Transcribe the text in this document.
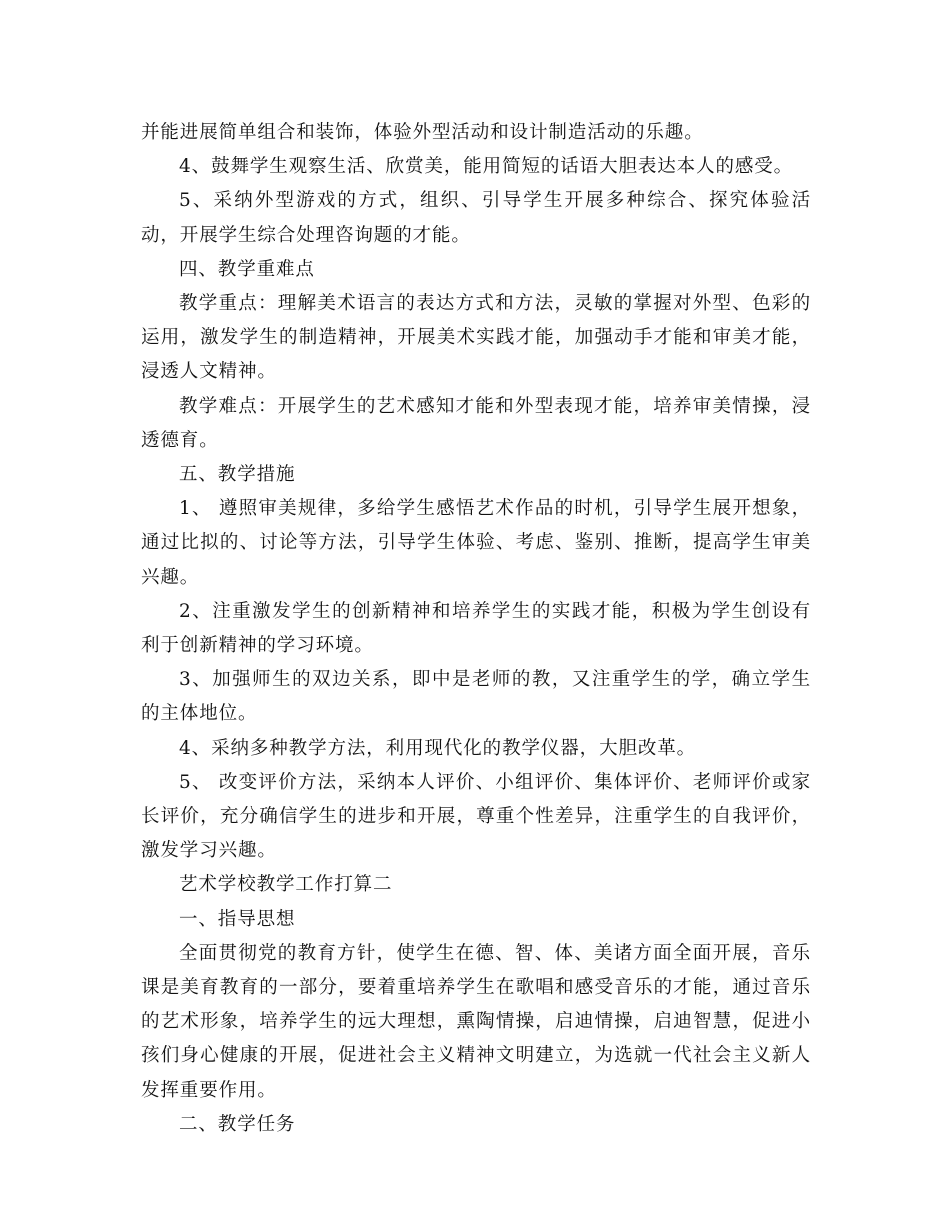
并能进展简单组合和装饰，体验外型活动和设计制造活动的乐趣。

4、鼓舞学生观察生活、欣赏美，能用简短的话语大胆表达本人的感受。

5、采纳外型游戏的方式，组织、引导学生开展多种综合、探究体验活动，开展学生综合处理咨询题的才能。

四、教学重难点

教学重点：理解美术语言的表达方式和方法，灵敏的掌握对外型、色彩的运用，激发学生的制造精神，开展美术实践才能，加强动手才能和审美才能，浸透人文精神。

教学难点：开展学生的艺术感知才能和外型表现才能，培养审美情操，浸透德育。

五、教学措施

1、 遵照审美规律，多给学生感悟艺术作品的时机，引导学生展开想象，通过比拟的、讨论等方法，引导学生体验、考虑、鉴别、推断，提高学生审美兴趣。

2、注重激发学生的创新精神和培养学生的实践才能，积极为学生创设有利于创新精神的学习环境。

3、加强师生的双边关系，即中是老师的教，又注重学生的学，确立学生的主体地位。

4、采纳多种教学方法，利用现代化的教学仪器，大胆改革。

5、 改变评价方法，采纳本人评价、小组评价、集体评价、老师评价或家长评价，充分确信学生的进步和开展，尊重个性差异，注重学生的自我评价，激发学习兴趣。

艺术学校教学工作打算二

一、指导思想

全面贯彻党的教育方针，使学生在德、智、体、美诸方面全面开展，音乐课是美育教育的一部分，要着重培养学生在歌唱和感受音乐的才能，通过音乐的艺术形象，培养学生的远大理想，熏陶情操，启迪情操，启迪智慧，促进小孩们身心健康的开展，促进社会主义精神文明建立，为选就一代社会主义新人发挥重要作用。

二、教学任务
